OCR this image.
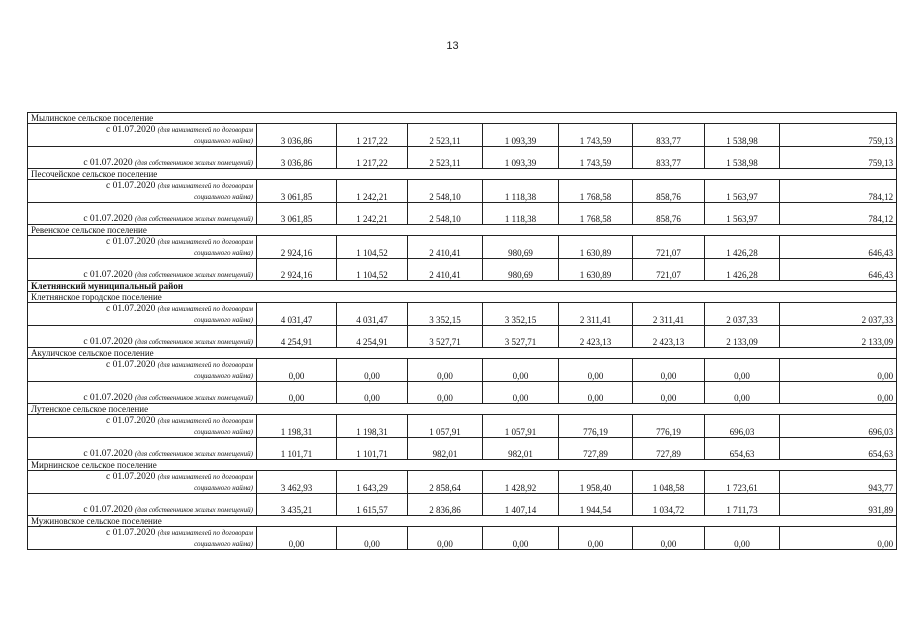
13
Мылинское сельское поселение								
с 01.07.2020 (для нанимателей по договорам
социального найма)	3 036,86	1 217,22	2 523,11	1 093,39	1 743,59	833,77	1 538,98	759,13
с 01.07.2020 (для собственников жилых помещений)	3 036,86	1 217,22	2 523,11	1 093,39	1 743,59	833,77	1 538,98	759,13
Песочейское сельское поселение								
с 01.07.2020 (для нанимателей по договорам
социального найма)	3 061,85	1 242,21	2 548,10	1 118,38	1 768,58	858,76	1 563,97	784,12
с 01.07.2020 (для собственников жилых помещений)	3 061,85	1 242,21	2 548,10	1 118,38	1 768,58	858,76	1 563,97	784,12
Ревенское сельское поселение								
с 01.07.2020 (для нанимателей по договорам
социального найма)	2 924,16	1 104,52	2 410,41	980,69	1 630,89	721,07	1 426,28	646,43
с 01.07.2020 (для собственников жилых помещений)	2 924,16	1 104,52	2 410,41	980,69	1 630,89	721,07	1 426,28	646,43
Клетнянский муниципальный район								
Клетнянское городское поселение								
с 01.07.2020 (для нанимателей по договорам
социального найма)	4 031,47	4 031,47	3 352,15	3 352,15	2 311,41	2 311,41	2 037,33	2 037,33
с 01.07.2020 (для собственников жилых помещений)	4 254,91	4 254,91	3 527,71	3 527,71	2 423,13	2 423,13	2 133,09	2 133,09
Акуличское сельское поселение								
с 01.07.2020 (для нанимателей по договорам
социального найма)	0,00	0,00	0,00	0,00	0,00	0,00	0,00	0,00
с 01.07.2020 (для собственников жилых помещений)	0,00	0,00	0,00	0,00	0,00	0,00	0,00	0,00
Лутенское сельское поселение								
с 01.07.2020 (для нанимателей по договорам
социального найма)	1 198,31	1 198,31	1 057,91	1 057,91	776,19	776,19	696,03	696,03
с 01.07.2020 (для собственников жилых помещений)	1 101,71	1 101,71	982,01	982,01	727,89	727,89	654,63	654,63
Мирнинское сельское поселение								
с 01.07.2020 (для нанимателей по договорам
социального найма)	3 462,93	1 643,29	2 858,64	1 428,92	1 958,40	1 048,58	1 723,61	943,77
с 01.07.2020 (для собственников жилых помещений)	3 435,21	1 615,57	2 836,86	1 407,14	1 944,54	1 034,72	1 711,73	931,89
Мужиновское сельское поселение								
с 01.07.2020 (для нанимателей по договорам
социального найма)	0,00	0,00	0,00	0,00	0,00	0,00	0,00	0,00
